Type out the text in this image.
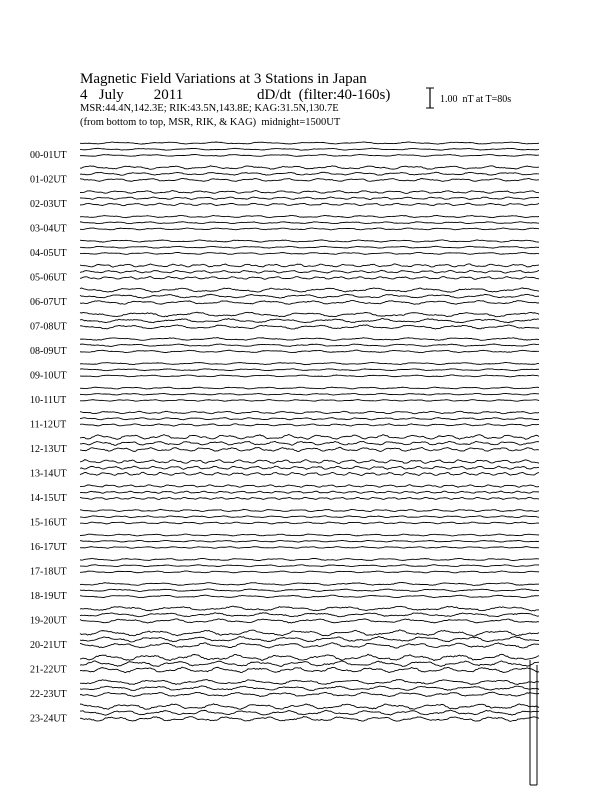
Magnetic Field Variations at 3 Stations in Japan
4   July        2011	dD/dt  (filter:40-160s)
MSR:44.4N,142.3E; RIK:43.5N,143.8E; KAG:31.5N,130.7E
(from bottom to top, MSR, RIK, & KAG)  midnight=1500UT
1.00  nT at T=80s
00-01UT
01-02UT
02-03UT
03-04UT
04-05UT
05-06UT
06-07UT
07-08UT
08-09UT
09-10UT
10-11UT
11-12UT
12-13UT
13-14UT
14-15UT
15-16UT
16-17UT
17-18UT
18-19UT
19-20UT
20-21UT
21-22UT
22-23UT
23-24UT
